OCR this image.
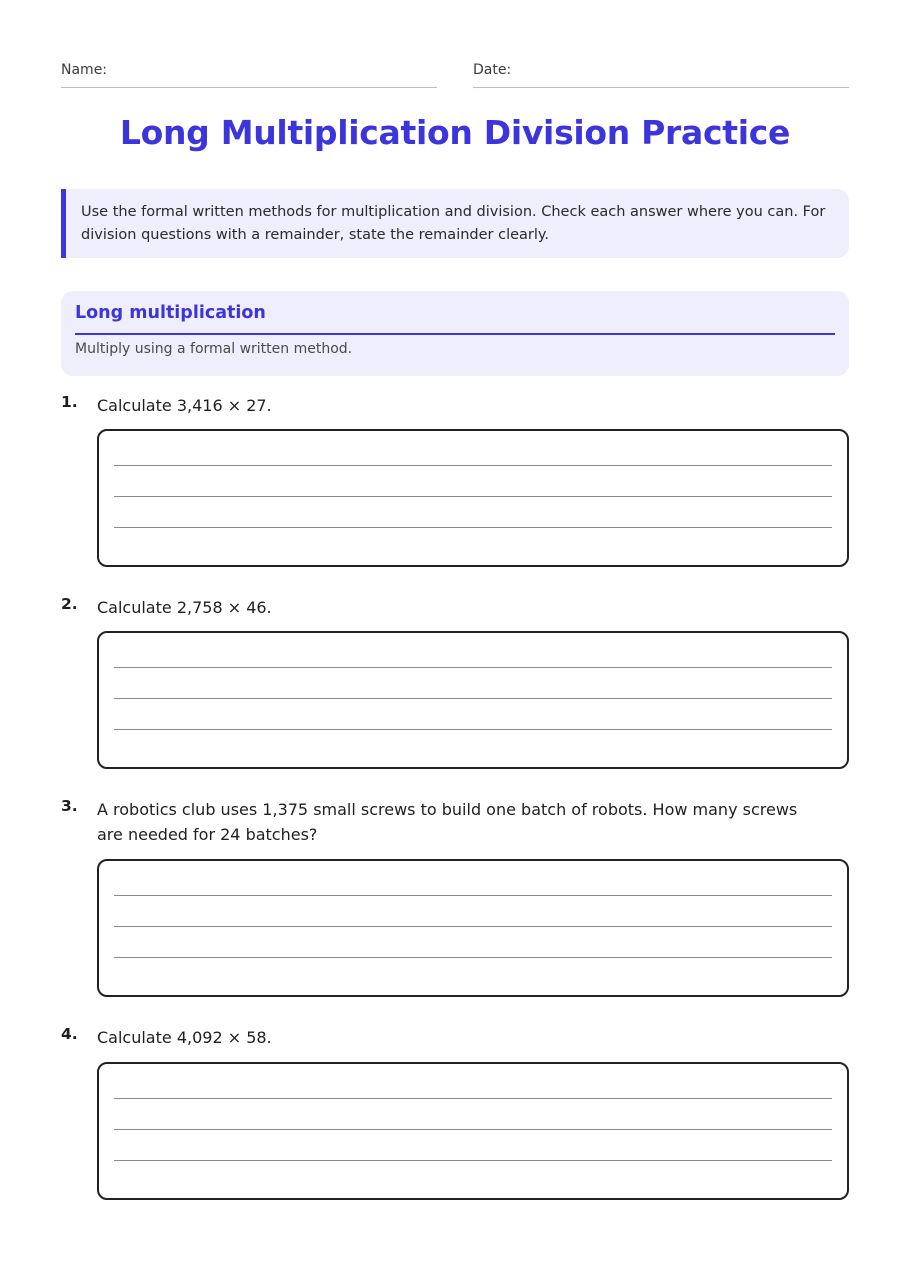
Name:	Date:
Long Multiplication Division Practice

Use the formal written methods for multiplication and division. Check each answer where you can. For division questions with a remainder, state the remainder clearly.

Long multiplication
Multiply using a formal written method.
1. Calculate 3,416 × 27.
2. Calculate 2,758 × 46.
3. A robotics club uses 1,375 small screws to build one batch of robots. How many screws are needed for 24 batches?
4. Calculate 4,092 × 58.
